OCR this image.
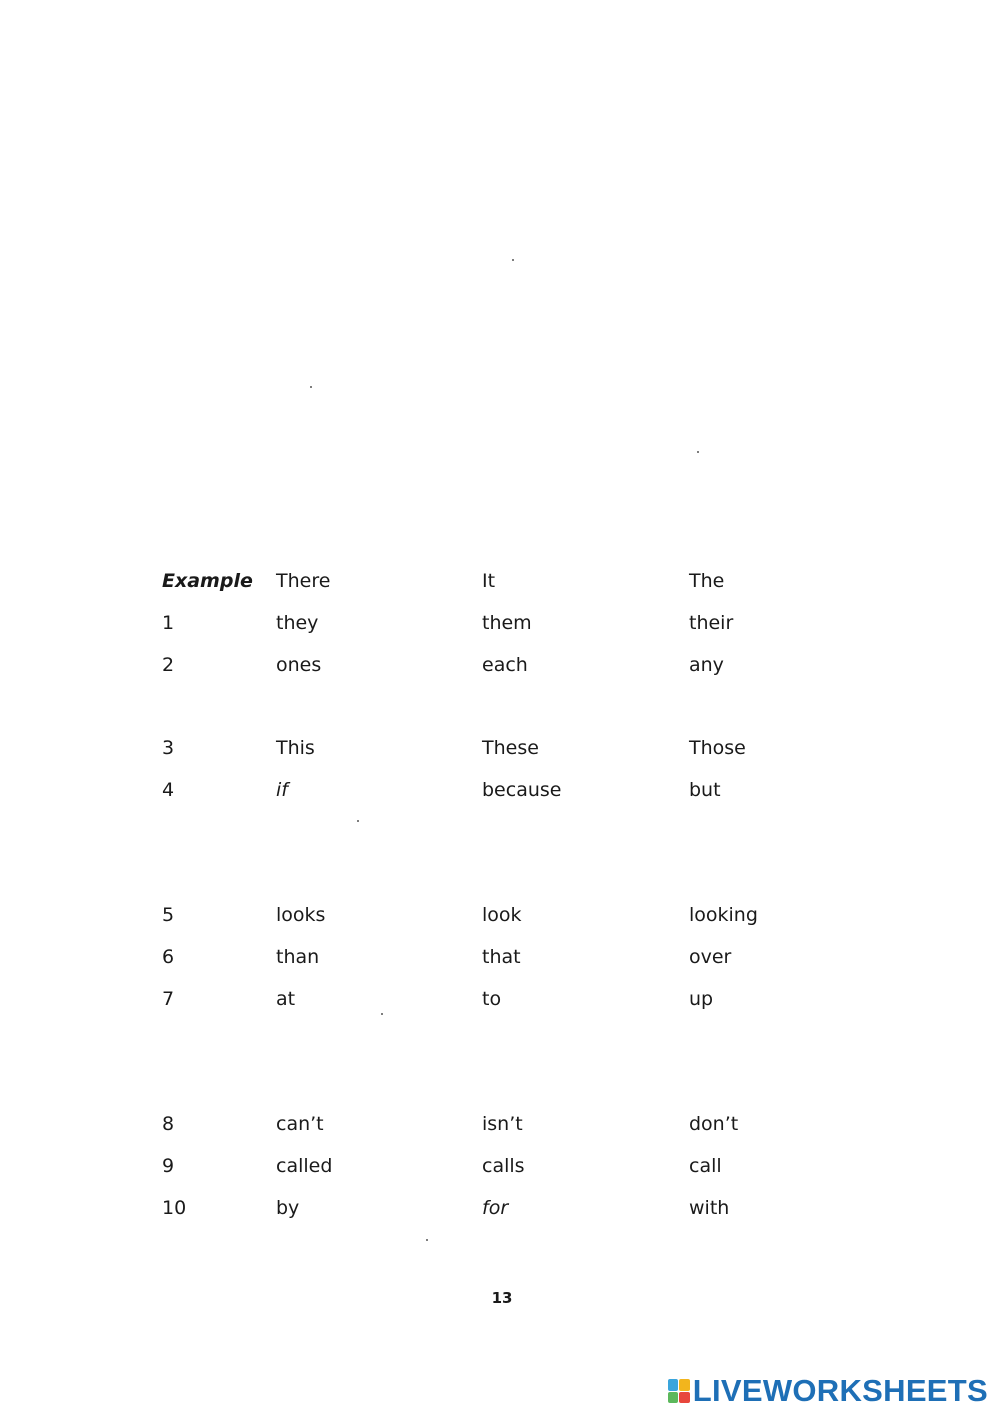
Example There	It	The
1	they	them	their
2	ones	each	any
3	This	These	Those
4	if	because	but
5	looks	look	looking
6	than	that	over
7	at	to	up
8	can’t	isn’t	don’t
9	called	calls	call
10	by	for	with
13
LIVEWORKSHEETS
